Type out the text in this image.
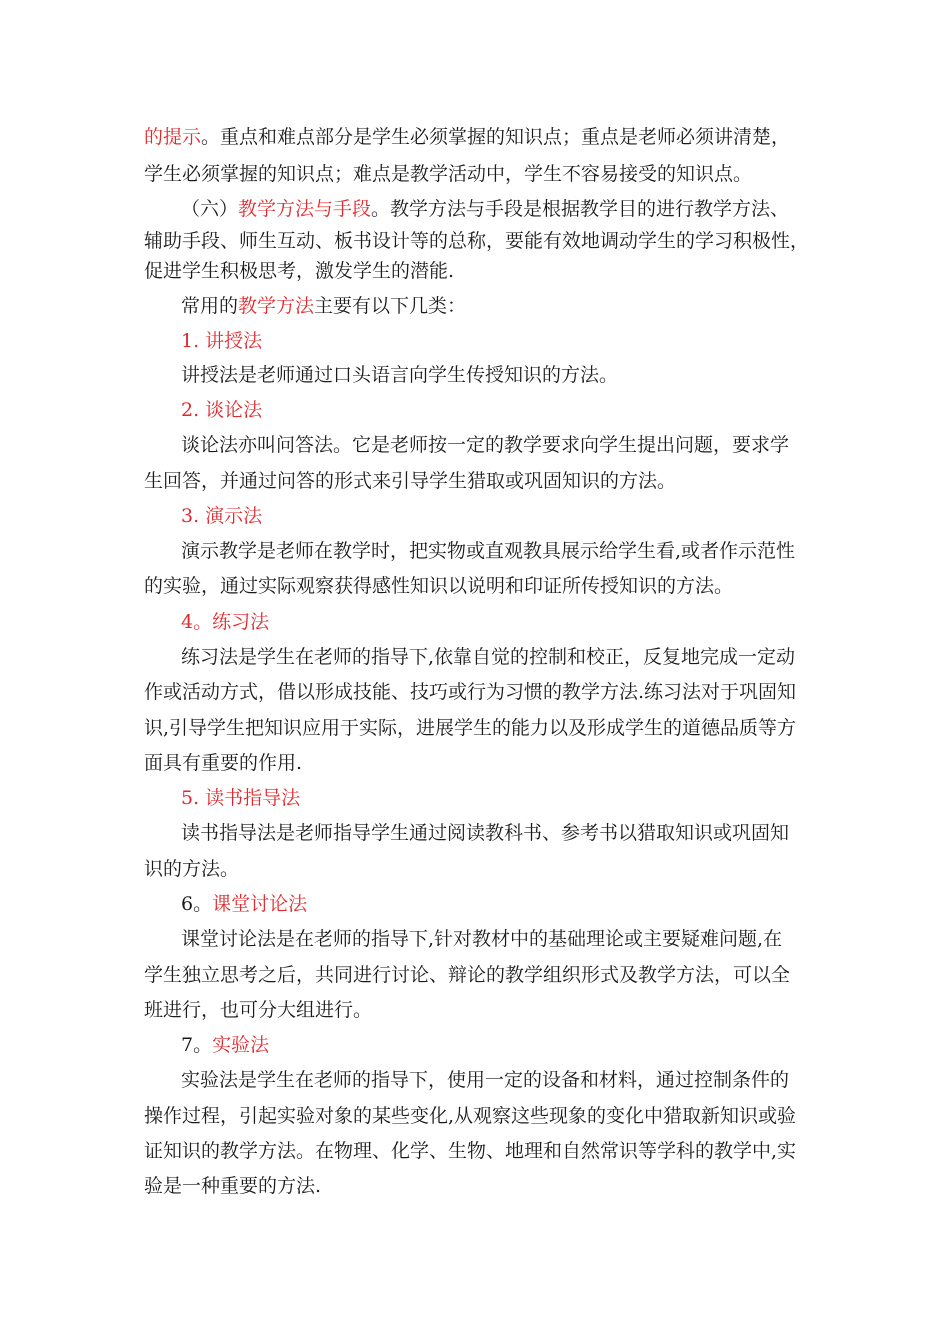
的提示。重点和难点部分是学生必须掌握的知识点；重点是老师必须讲清楚，
学生必须掌握的知识点；难点是教学活动中，学生不容易接受的知识点。
（六）教学方法与手段。教学方法与手段是根据教学目的进行教学方法、
辅助手段、师生互动、板书设计等的总称，要能有效地调动学生的学习积极性，
促进学生积极思考，激发学生的潜能.
常用的教学方法主要有以下几类：
1. 讲授法
讲授法是老师通过口头语言向学生传授知识的方法。
2. 谈论法
谈论法亦叫问答法。它是老师按一定的教学要求向学生提出问题，要求学
生回答，并通过问答的形式来引导学生猎取或巩固知识的方法。
3. 演示法
演示教学是老师在教学时，把实物或直观教具展示给学生看,或者作示范性
的实验，通过实际观察获得感性知识以说明和印证所传授知识的方法。
4。练习法
练习法是学生在老师的指导下,依靠自觉的控制和校正，反复地完成一定动
作或活动方式，借以形成技能、技巧或行为习惯的教学方法.练习法对于巩固知
识,引导学生把知识应用于实际，进展学生的能力以及形成学生的道德品质等方
面具有重要的作用.
5. 读书指导法
读书指导法是老师指导学生通过阅读教科书、参考书以猎取知识或巩固知
识的方法。
6。课堂讨论法
课堂讨论法是在老师的指导下,针对教材中的基础理论或主要疑难问题,在
学生独立思考之后，共同进行讨论、辩论的教学组织形式及教学方法，可以全
班进行，也可分大组进行。
7。实验法
实验法是学生在老师的指导下，使用一定的设备和材料，通过控制条件的
操作过程，引起实验对象的某些变化,从观察这些现象的变化中猎取新知识或验
证知识的教学方法。在物理、化学、生物、地理和自然常识等学科的教学中,实
验是一种重要的方法.
